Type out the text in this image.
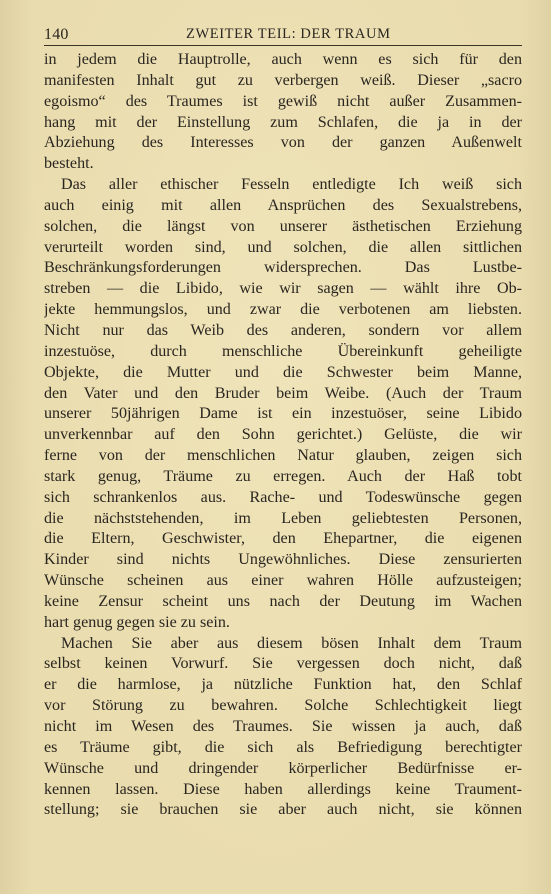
140	ZWEITER TEIL: DER TRAUM
in jedem die Hauptrolle, auch wenn es sich für den
manifesten Inhalt gut zu verbergen weiß. Dieser „sacro
egoismo“ des Traumes ist gewiß nicht außer Zusammen-
hang mit der Einstellung zum Schlafen, die ja in der
Abziehung des Interesses von der ganzen Außenwelt
besteht.
Das aller ethischer Fesseln entledigte Ich weiß sich
auch einig mit allen Ansprüchen des Sexualstrebens,
solchen, die längst von unserer ästhetischen Erziehung
verurteilt worden sind, und solchen, die allen sittlichen
Beschränkungsforderungen widersprechen. Das Lustbe-
streben — die Libido, wie wir sagen — wählt ihre Ob-
jekte hemmungslos, und zwar die verbotenen am liebsten.
Nicht nur das Weib des anderen, sondern vor allem
inzestuöse, durch menschliche Übereinkunft geheiligte
Objekte, die Mutter und die Schwester beim Manne,
den Vater und den Bruder beim Weibe. (Auch der Traum
unserer 50jährigen Dame ist ein inzestuöser, seine Libido
unverkennbar auf den Sohn gerichtet.) Gelüste, die wir
ferne von der menschlichen Natur glauben, zeigen sich
stark genug, Träume zu erregen. Auch der Haß tobt
sich schrankenlos aus. Rache- und Todeswünsche gegen
die nächststehenden, im Leben geliebtesten Personen,
die Eltern, Geschwister, den Ehepartner, die eigenen
Kinder sind nichts Ungewöhnliches. Diese zensurierten
Wünsche scheinen aus einer wahren Hölle aufzusteigen;
keine Zensur scheint uns nach der Deutung im Wachen
hart genug gegen sie zu sein.
Machen Sie aber aus diesem bösen Inhalt dem Traum
selbst keinen Vorwurf. Sie vergessen doch nicht, daß
er die harmlose, ja nützliche Funktion hat, den Schlaf
vor Störung zu bewahren. Solche Schlechtigkeit liegt
nicht im Wesen des Traumes. Sie wissen ja auch, daß
es Träume gibt, die sich als Befriedigung berechtigter
Wünsche und dringender körperlicher Bedürfnisse er-
kennen lassen. Diese haben allerdings keine Traument-
stellung; sie brauchen sie aber auch nicht, sie können
